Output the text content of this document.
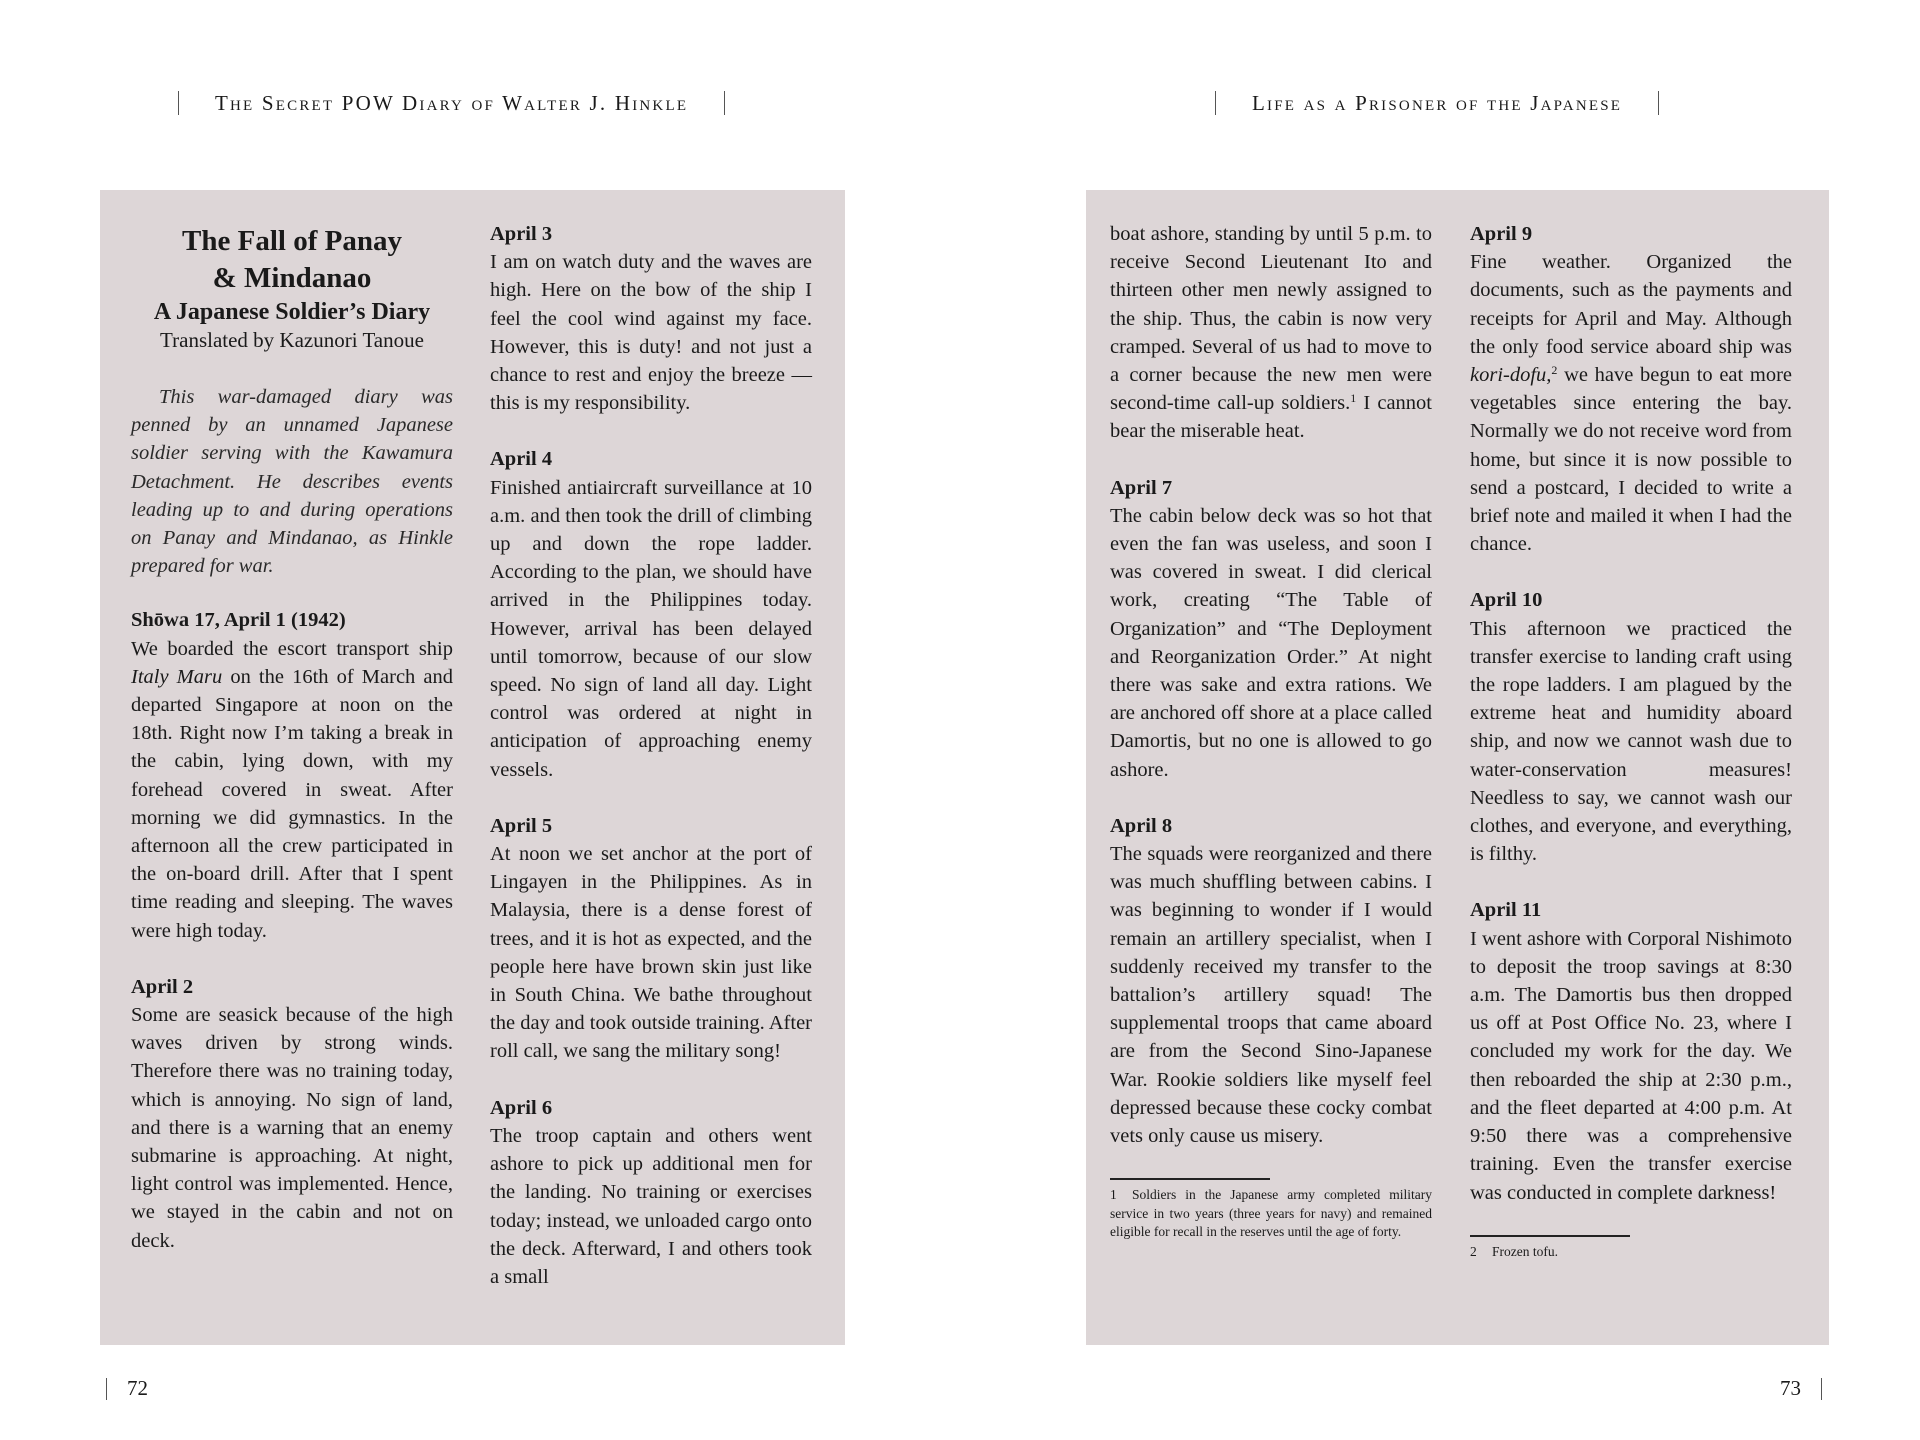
The Secret POW Diary of Walter J. Hinkle	Life as a Prisoner of the Japanese
The Fall of Panay
& Mindanao
A Japanese Soldier’s Diary
Translated by Kazunori Tanoue

This war-damaged diary was penned by an unnamed Japanese soldier serving with the Kawamura Detachment. He describes events leading up to and during operations on Panay and Mindanao, as Hinkle prepared for war.

Shōwa 17, April 1 (1942)

We boarded the escort transport ship Italy Maru on the 16th of March and departed Singapore at noon on the 18th. Right now I’m taking a break in the cabin, lying down, with my forehead covered in sweat. After morning we did gymnastics. In the afternoon all the crew participated in the on-board drill. After that I spent time reading and sleeping. The waves were high today.

April 2

Some are seasick because of the high waves driven by strong winds. Therefore there was no training today, which is annoying. No sign of land, and there is a warning that an enemy submarine is approaching. At night, light control was implemented. Hence, we stayed in the cabin and not on deck.

April 3

I am on watch duty and the waves are high. Here on the bow of the ship I feel the cool wind against my face. However, this is duty! and not just a chance to rest and enjoy the breeze — this is my responsibility.

April 4

Finished antiaircraft surveillance at 10 a.m. and then took the drill of climbing up and down the rope ladder. According to the plan, we should have arrived in the Philippines today. However, arrival has been delayed until tomorrow, because of our slow speed. No sign of land all day. Light control was ordered at night in anticipation of approaching enemy vessels.

April 5

At noon we set anchor at the port of Lingayen in the Philippines. As in Malaysia, there is a dense forest of trees, and it is hot as expected, and the people here have brown skin just like in South China. We bathe throughout the day and took outside training. After roll call, we sang the military song!

April 6

The troop captain and others went ashore to pick up additional men for the landing. No training or exercises today; instead, we unloaded cargo onto the deck. Afterward, I and others took a small

boat ashore, standing by until 5 p.m. to receive Second Lieutenant Ito and thirteen other men newly assigned to the ship. Thus, the cabin is now very cramped. Several of us had to move to a corner because the new men were second-time call-up soldiers.$^1$ I cannot bear the miserable heat.

April 7

The cabin below deck was so hot that even the fan was useless, and soon I was covered in sweat. I did clerical work, creating “The Table of Organization” and “The Deployment and Reorganization Order.” At night there was sake and extra rations. We are anchored off shore at a place called Damortis, but no one is allowed to go ashore.

April 8

The squads were reorganized and there was much shuffling between cabins. I was beginning to wonder if I would remain an artillery specialist, when I suddenly received my transfer to the battalion’s artillery squad! The supplemental troops that came aboard are from the Second Sino-Japanese War. Rookie soldiers like myself feel depressed because these cocky combat vets only cause us misery.

1 Soldiers in the Japanese army completed military service in two years (three years for navy) and remained eligible for recall in the reserves until the age of forty.
April 9

Fine weather. Organized the documents, such as the payments and receipts for April and May. Although the only food service aboard ship was kori-dofu,$^2$ we have begun to eat more vegetables since entering the bay. Normally we do not receive word from home, but since it is now possible to send a postcard, I decided to write a brief note and mailed it when I had the chance.

April 10

This afternoon we practiced the transfer exercise to landing craft using the rope ladders. I am plagued by the extreme heat and humidity aboard ship, and now we cannot wash due to water-conservation measures! Needless to say, we cannot wash our clothes, and everyone, and everything, is filthy.

April 11

I went ashore with Corporal Nishimoto to deposit the troop savings at 8:30 a.m. The Damortis bus then dropped us off at Post Office No. 23, where I concluded my work for the day. We then reboarded the ship at 2:30 p.m., and the fleet departed at 4:00 p.m. At 9:50 there was a comprehensive training. Even the transfer exercise was conducted in complete darkness!

2 Frozen tofu.
72	73
